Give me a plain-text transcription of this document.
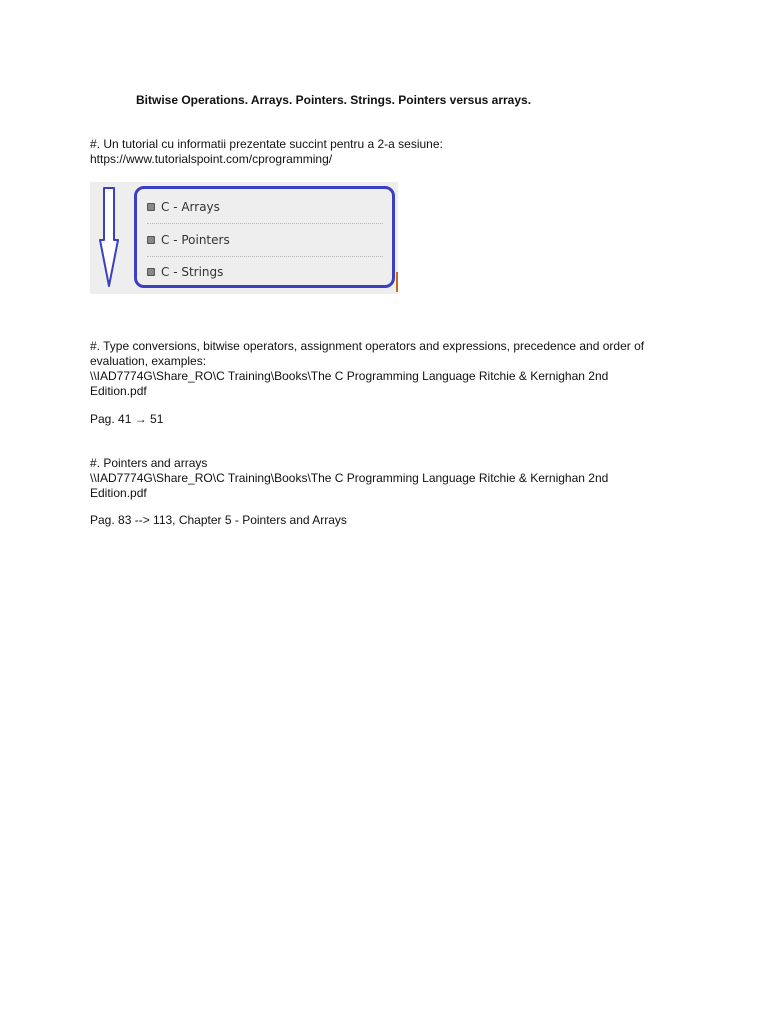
Bitwise Operations. Arrays. Pointers. Strings. Pointers versus arrays.
#. Un tutorial cu informatii prezentate succint pentru a 2-a sesiune:
https://www.tutorialspoint.com/cprogramming/
C - Arrays
C - Pointers
C - Strings
#. Type conversions, bitwise operators, assignment operators and expressions, precedence and order of
evaluation, examples:
\\IAD7774G\Share_RO\C Training\Books\The C Programming Language Ritchie & Kernighan 2nd
Edition.pdf
Pag. 41 → 51
#. Pointers and arrays
\\IAD7774G\Share_RO\C Training\Books\The C Programming Language Ritchie & Kernighan 2nd
Edition.pdf
Pag. 83 --> 113, Chapter 5 - Pointers and Arrays
